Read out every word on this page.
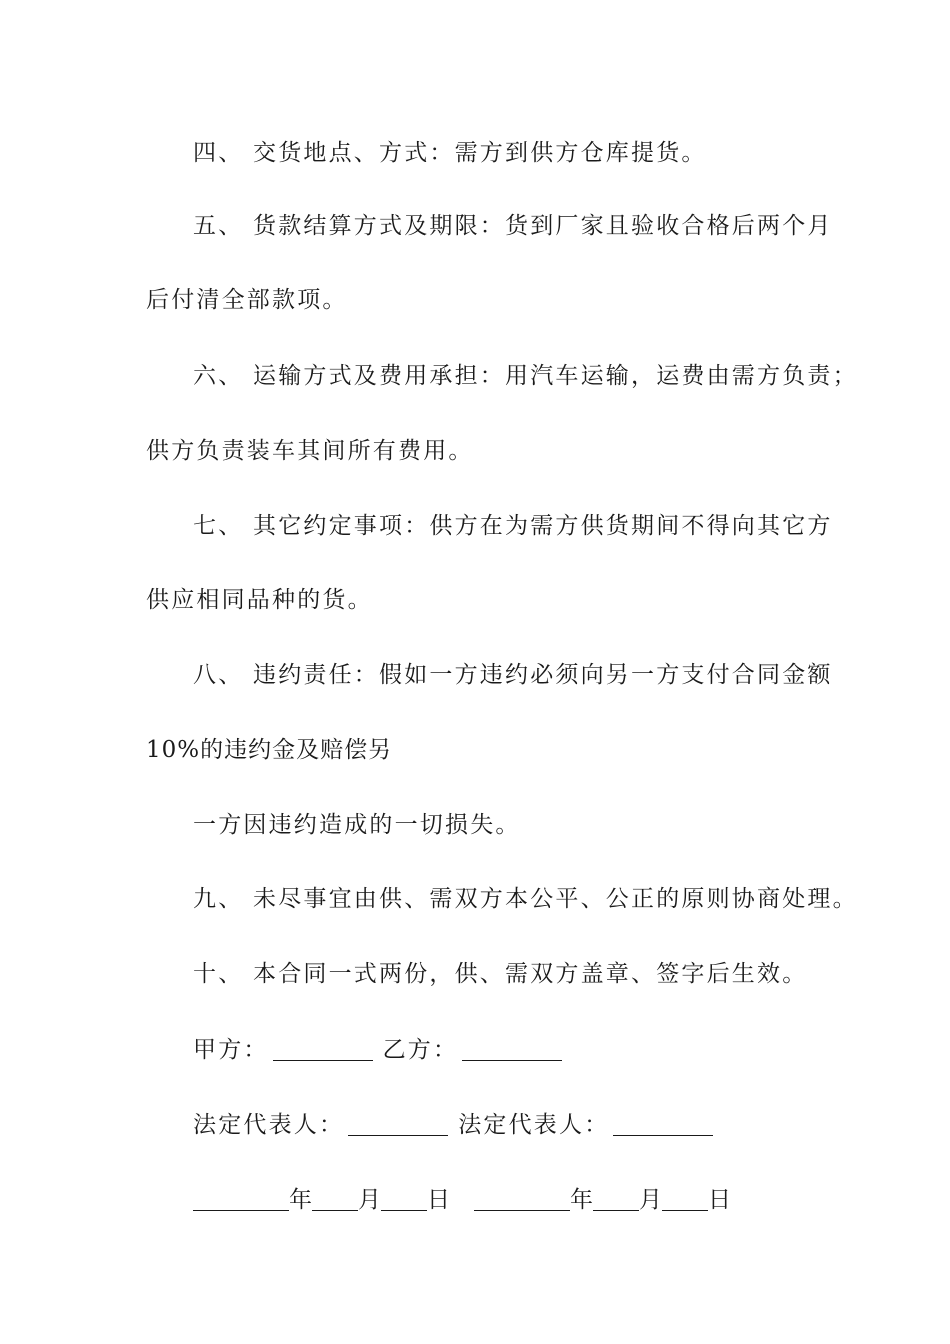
四、 交货地点、方式：需方到供方仓库提货。
五、 货款结算方式及期限：货到厂家且验收合格后两个月
后付清全部款项。
六、 运输方式及费用承担：用汽车运输，运费由需方负责；
供方负责装车其间所有费用。
七、 其它约定事项：供方在为需方供货期间不得向其它方
供应相同品种的货。
八、 违约责任：假如一方违约必须向另一方支付合同金额
10%的违约金及赔偿另
一方因违约造成的一切损失。
九、 未尽事宜由供、需双方本公平、公正的原则协商处理。
十、 本合同一式两份，供、需双方盖章、签字后生效。
甲方：	乙方：
法定代表人：	法定代表人：
年 月 日	年 月 日
